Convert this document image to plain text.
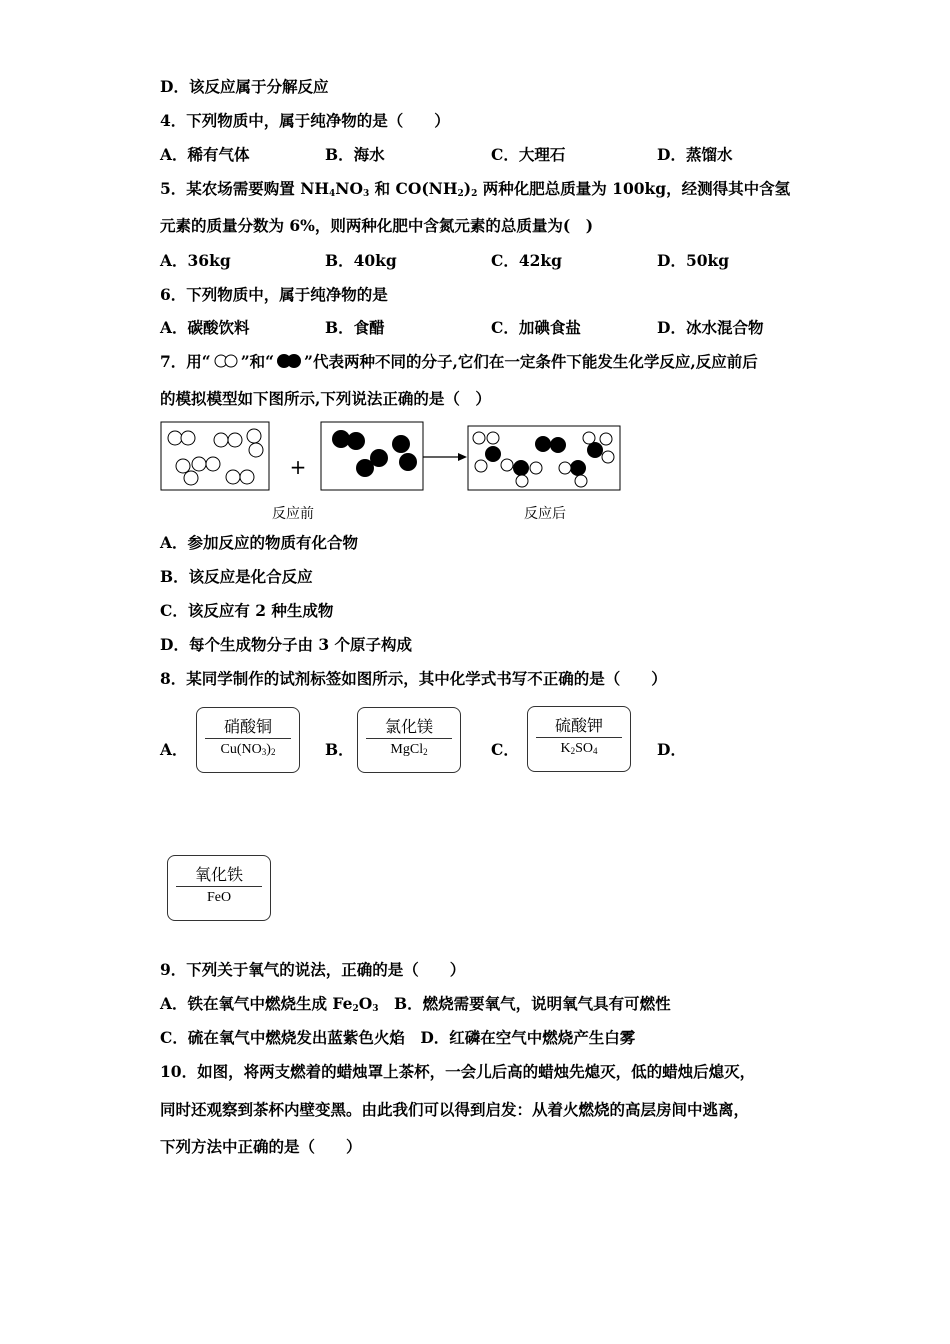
D．该反应属于分解反应
4．下列物质中，属于纯净物的是（　　）
A．稀有气体	B．海水	C．大理石	D．蒸馏水
5．某农场需要购置 $NH_4NO_3$ 和 $CO(NH_2)_2$ 两种化肥总质量为 100kg，经测得其中含氢
元素的质量分数为 6%，则两种化肥中含氮元素的总质量为(　)
A．36kg	B．40kg	C．42kg	D．50kg
6．下列物质中，属于纯净物的是
A．碳酸饮料	B．食醋	C．加碘食盐	D．冰水混合物
7．用“ ”和“ ”代表两种不同的分子,它们在一定条件下能发生化学反应,反应前后
的模拟模型如下图所示,下列说法正确的是（　）
+
反应前	反应后
A．参加反应的物质有化合物
B．该反应是化合反应
C．该反应有 2 种生成物
D．每个生成物分子由 3 个原子构成
8．某同学制作的试剂标签如图所示，其中化学式书写不正确的是（　　）
A．
硝酸铜
$Cu(NO_3)_2$	B．
氯化镁
MgCl$_2$	C．
硫酸钾
$K_2SO_4$	D．
氧化铁
FeO
9．下列关于氧气的说法，正确的是（　　）
A．铁在氧气中燃烧生成 $Fe_2O_3$　B．燃烧需要氧气，说明氧气具有可燃性
C．硫在氧气中燃烧发出蓝紫色火焰　D．红磷在空气中燃烧产生白雾
10．如图，将两支燃着的蜡烛罩上茶杯，一会儿后高的蜡烛先熄灭，低的蜡烛后熄灭，
同时还观察到茶杯内壁变黑。由此我们可以得到启发：从着火燃烧的高层房间中逃离，
下列方法中正确的是（　　）
